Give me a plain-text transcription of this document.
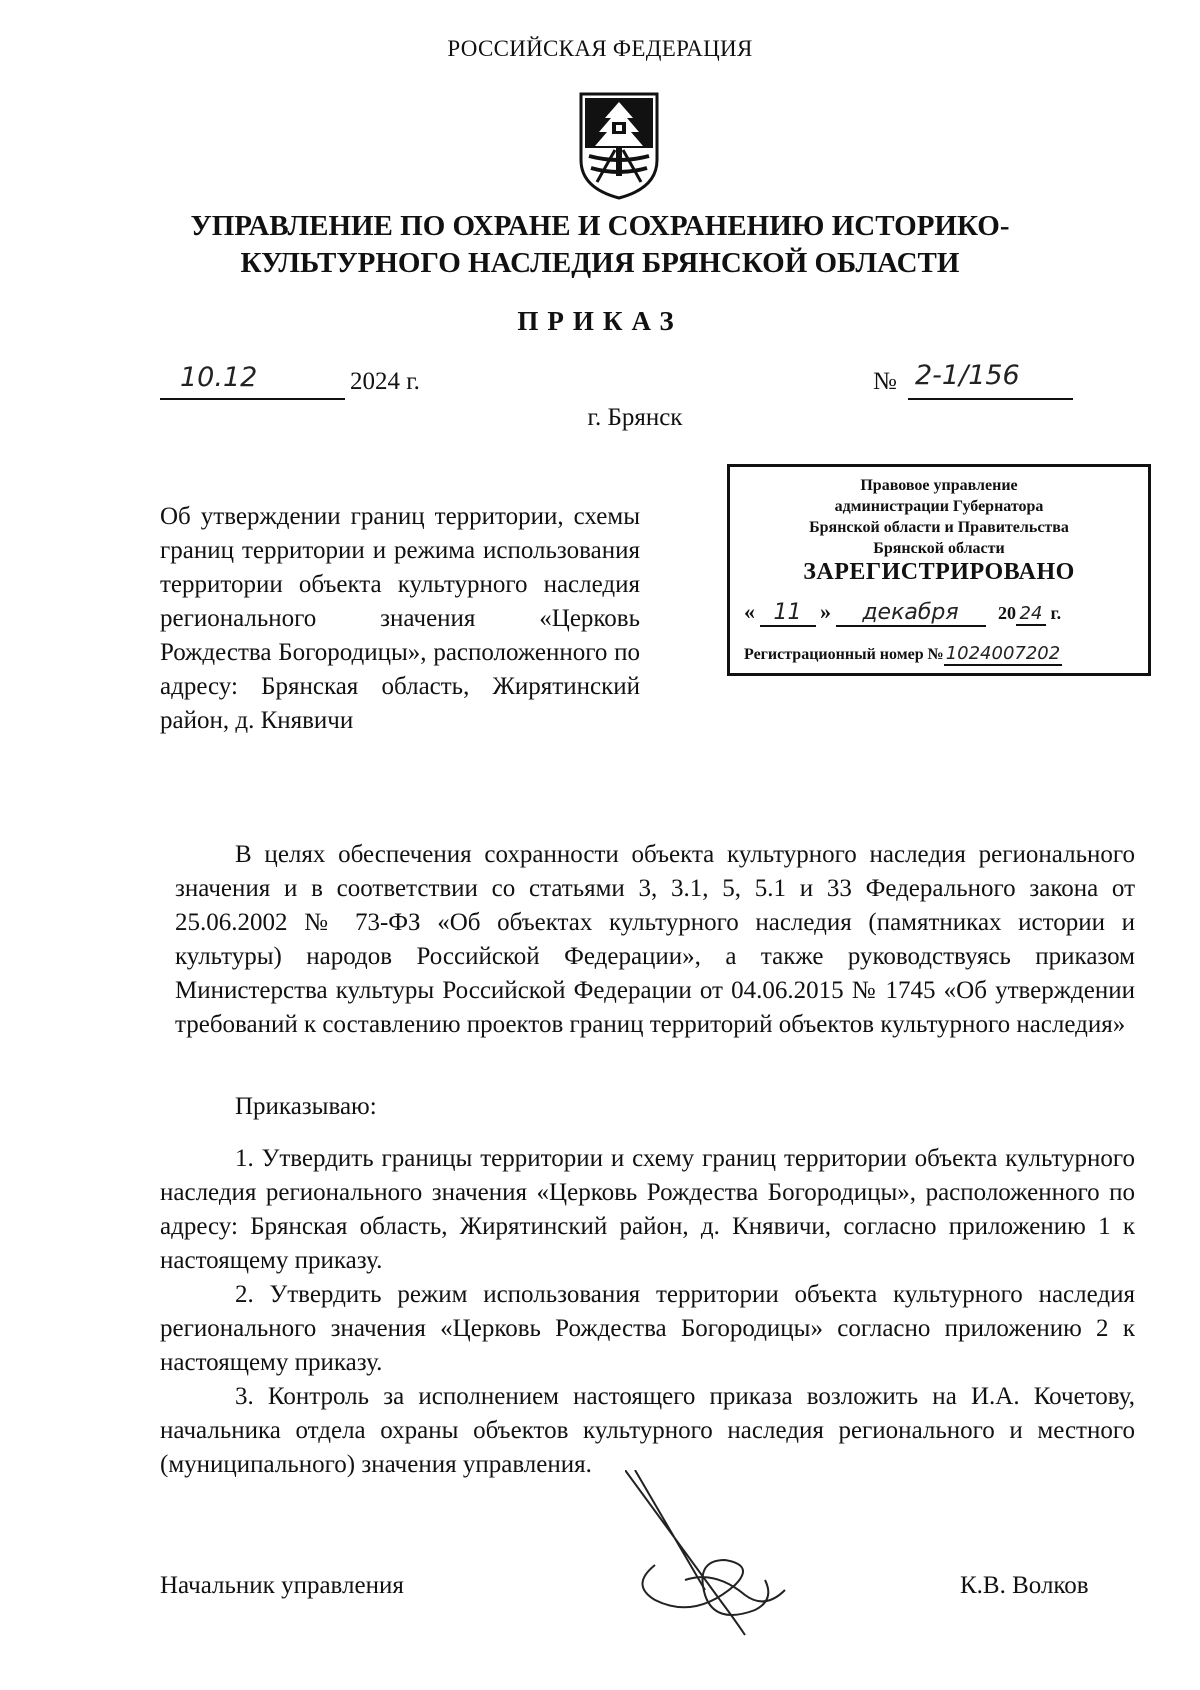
РОССИЙСКАЯ ФЕДЕРАЦИЯ
УПРАВЛЕНИЕ ПО ОХРАНЕ И СОХРАНЕНИЮ ИСТОРИКО-
КУЛЬТУРНОГО НАСЛЕДИЯ БРЯНСКОЙ ОБЛАСТИ
ПРИКАЗ
10.12	2024 г.	№ 2-1/156
г. Брянск
Об утверждении границ территории, схемы границ территории и режима использования территории объекта культурного наследия регионального значения «Церковь Рождества Богородицы», расположенного по адресу: Брянская область, Жирятинский район, д. Княвичи
Правовое управление
администрации Губернатора
Брянской области и Правительства
Брянской области
ЗАРЕГИСТРИРОВАНО
« 11 » декабря 20 24 г.
Регистрационный номер № 1024007202
В целях обеспечения сохранности объекта культурного наследия регионального значения и в соответствии со статьями 3, 3.1, 5, 5.1 и 33 Федерального закона от 25.06.2002 № 73-ФЗ «Об объектах культурного наследия (памятниках истории и культуры) народов Российской Федерации», а также руководствуясь приказом Министерства культуры Российской Федерации от 04.06.2015 № 1745 «Об утверждении требований к составлению проектов границ территорий объектов культурного наследия»
Приказываю:

1. Утвердить границы территории и схему границ территории объекта культурного наследия регионального значения «Церковь Рождества Богородицы», расположенного по адресу: Брянская область, Жирятинский район, д. Княвичи, согласно приложению 1 к настоящему приказу.

2. Утвердить режим использования территории объекта культурного наследия регионального значения «Церковь Рождества Богородицы» согласно приложению 2 к настоящему приказу.

3. Контроль за исполнением настоящего приказа возложить на И.А. Кочетову, начальника отдела охраны объектов культурного наследия регионального и местного (муниципального) значения управления.

Начальник управления	К.В. Волков
